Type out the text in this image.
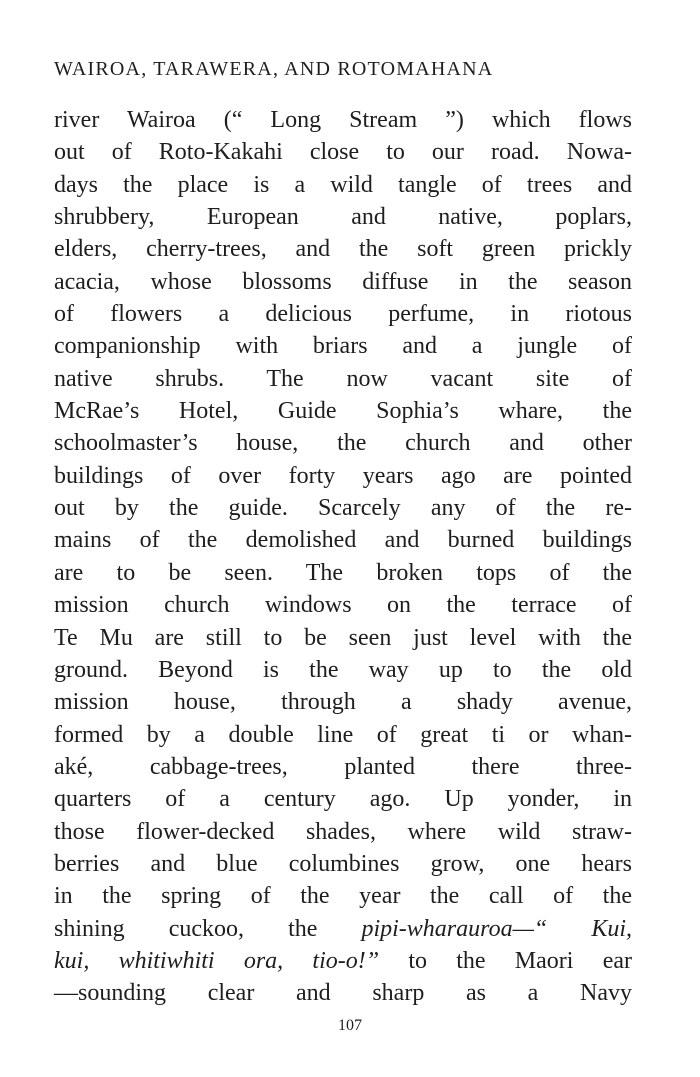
WAIROA, TARAWERA, AND ROTOMAHANA
river Wairoa (“ Long Stream ”) which flows
out of Roto-Kakahi close to our road. Nowa-
days the place is a wild tangle of trees and
shrubbery, European and native, poplars,
elders, cherry-trees, and the soft green prickly
acacia, whose blossoms diffuse in the season
of flowers a delicious perfume, in riotous
companionship with briars and a jungle of
native shrubs. The now vacant site of
McRae’s Hotel, Guide Sophia’s whare, the
schoolmaster’s house, the church and other
buildings of over forty years ago are pointed
out by the guide. Scarcely any of the re-
mains of the demolished and burned buildings
are to be seen. The broken tops of the
mission church windows on the terrace of
Te Mu are still to be seen just level with the
ground. Beyond is the way up to the old
mission house, through a shady avenue,
formed by a double line of great ti or whan-
aké, cabbage-trees, planted there three-
quarters of a century ago. Up yonder, in
those flower-decked shades, where wild straw-
berries and blue columbines grow, one hears
in the spring of the year the call of the
shining cuckoo, the pipi-wharauroa—“ Kui,
kui, whitiwhiti ora, tio-o!” to the Maori ear
—sounding clear and sharp as a Navy
107
